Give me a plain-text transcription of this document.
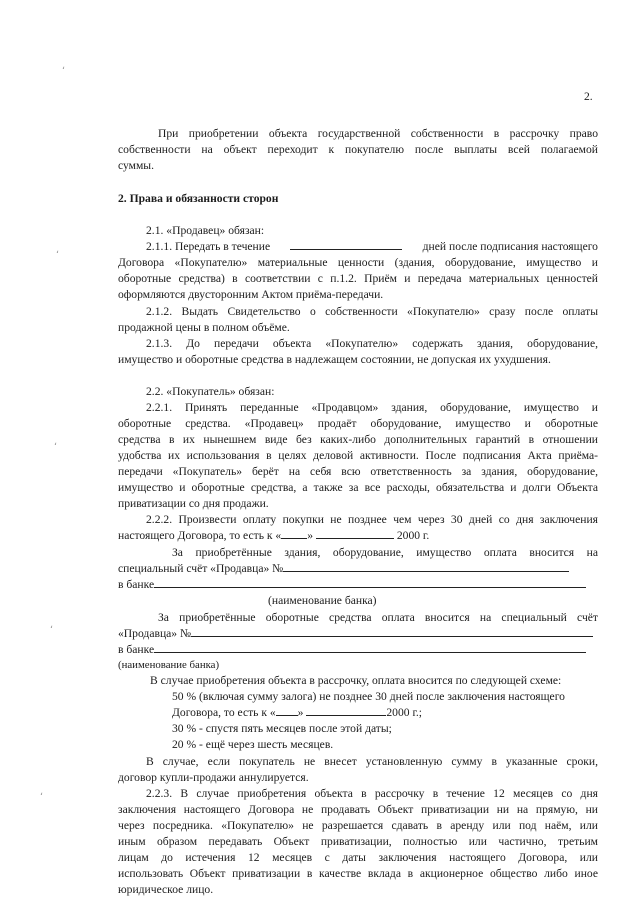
ʻ
ʻ
ʻ
ʻ
ʻ
2.
При приобретении объекта государственной собственности в рассрочку право
собственности на объект переходит к покупателю после выплаты всей полагаемой
суммы.
2. Права и обязанности сторон
2.1. «Продавец» обязан:
2.1.1. Передать в течение	дней после подписания настоящего
Договора «Покупателю» материальные ценности (здания, оборудование, имущество и
оборотные средства) в соответствии с п.1.2. Приём и передача материальных ценностей
оформляются двусторонним Актом приёма-передачи.
2.1.2. Выдать Свидетельство о собственности «Покупателю» сразу после оплаты
продажной цены в полном объёме.
2.1.3. До передачи объекта «Покупателю» содержать здания, оборудование,
имущество и оборотные средства в надлежащем состоянии, не допуская их ухудшения.
2.2. «Покупатель» обязан:
2.2.1. Принять переданные «Продавцом» здания, оборудование, имущество и
оборотные средства. «Продавец» продаёт оборудование, имущество и оборотные
средства в их нынешнем виде без каких-либо дополнительных гарантий в отношении
удобства их использования в целях деловой активности. После подписания Акта приёма-
передачи «Покупатель» берёт на себя всю ответственность за здания, оборудование,
имущество и оборотные средства, а также за все расходы, обязательства и долги Объекта
приватизации со дня продажи.
2.2.2. Произвести оплату покупки не позднее чем через 30 дней со дня заключения
настоящего Договора, то есть к « »	2000 г.
За приобретённые здания, оборудование, имущество оплата вносится на
специальный счёт «Продавца» №
в банке
(наименование банка)
За приобретённые оборотные средства оплата вносится на специальный счёт
«Продавца» №
в банке
(наименование банка)
В случае приобретения объекта в рассрочку, оплата вносится по следующей схеме:
50 % (включая сумму залога) не позднее 30 дней после заключения настоящего
Договора, то есть к « »	2000 г.;
30 % - спустя пять месяцев после этой даты;
20 % - ещё через шесть месяцев.
В случае, если покупатель не внесет установленную сумму в указанные сроки,
договор купли-продажи аннулируется.
2.2.3. В случае приобретения объекта в рассрочку в течение 12 месяцев со дня
заключения настоящего Договора не продавать Объект приватизации ни на прямую, ни
через посредника. «Покупателю» не разрешается сдавать в аренду или под наём, или
иным образом передавать Объект приватизации, полностью или частично, третьим
лицам до истечения 12 месяцев с даты заключения настоящего Договора, или
использовать Объект приватизации в качестве вклада в акционерное общество либо иное
юридическое лицо.
